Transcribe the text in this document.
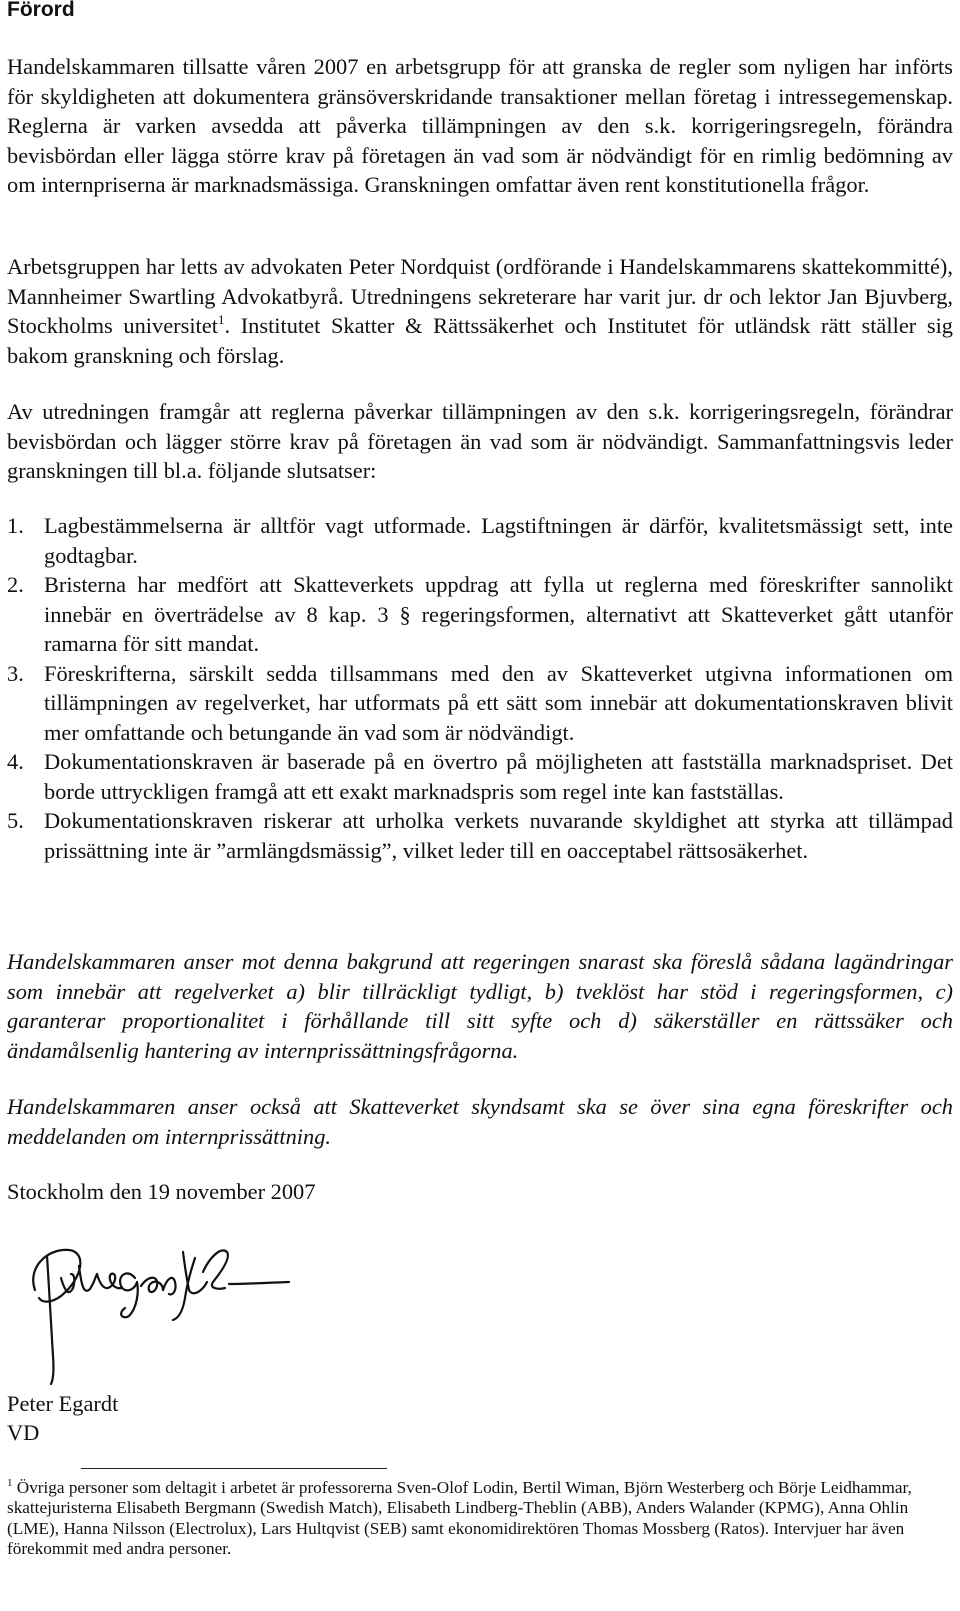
Förord

Handelskammaren tillsatte våren 2007 en arbetsgrupp för att granska de regler som nyligen har införts för skyldigheten att dokumentera gränsöverskridande transaktioner mellan företag i intressegemenskap. Reglerna är varken avsedda att påverka tillämpningen av den s.k. korrigeringsregeln, förändra bevisbördan eller lägga större krav på företagen än vad som är nödvändigt för en rimlig bedömning av om internpriserna är marknadsmässiga. Granskningen omfattar även rent konstitutionella frågor.

Arbetsgruppen har letts av advokaten Peter Nordquist (ordförande i Handelskammarens skattekommitté), Mannheimer Swartling Advokatbyrå. Utredningens sekreterare har varit jur. dr och lektor Jan Bjuvberg, Stockholms universitet$^1$. Institutet Skatter & Rättssäkerhet och Institutet för utländsk rätt ställer sig bakom granskning och förslag.

Av utredningen framgår att reglerna påverkar tillämpningen av den s.k. korrigeringsregeln, förändrar bevisbördan och lägger större krav på företagen än vad som är nödvändigt. Sammanfattningsvis leder granskningen till bl.a. följande slutsatser:

1. Lagbestämmelserna är alltför vagt utformade. Lagstiftningen är därför, kvalitetsmässigt sett, inte godtagbar.
2. Bristerna har medfört att Skatteverkets uppdrag att fylla ut reglerna med föreskrifter sannolikt innebär en överträdelse av 8 kap. 3 § regeringsformen, alternativt att Skatteverket gått utanför ramarna för sitt mandat.
3. Föreskrifterna, särskilt sedda tillsammans med den av Skatteverket utgivna informationen om tillämpningen av regelverket, har utformats på ett sätt som innebär att dokumentationskraven blivit mer omfattande och betungande än vad som är nödvändigt.
4. Dokumentationskraven är baserade på en övertro på möjligheten att fastställa marknadspriset. Det borde uttryckligen framgå att ett exakt marknadspris som regel inte kan fastställas.
5. Dokumentationskraven riskerar att urholka verkets nuvarande skyldighet att styrka att tillämpad prissättning inte är ”armlängdsmässig”, vilket leder till en oacceptabel rättsosäkerhet.

Handelskammaren anser mot denna bakgrund att regeringen snarast ska föreslå sådana lagändringar som innebär att regelverket a) blir tillräckligt tydligt, b) tveklöst har stöd i regeringsformen, c) garanterar proportionalitet i förhållande till sitt syfte och d) säkerställer en rättssäker och ändamålsenlig hantering av internprissättningsfrågorna.

Handelskammaren anser också att Skatteverket skyndsamt ska se över sina egna föreskrifter och meddelanden om internprissättning.

Stockholm den 19 november 2007

Peter Egardt
VD

$^1$ Övriga personer som deltagit i arbetet är professorerna Sven-Olof Lodin, Bertil Wiman, Björn Westerberg och Börje Leidhammar, skattejuristerna Elisabeth Bergmann (Swedish Match), Elisabeth Lindberg-Theblin (ABB), Anders Walander (KPMG), Anna Ohlin (LME), Hanna Nilsson (Electrolux), Lars Hultqvist (SEB) samt ekonomidirektören Thomas Mossberg (Ratos). Intervjuer har även förekommit med andra personer.
